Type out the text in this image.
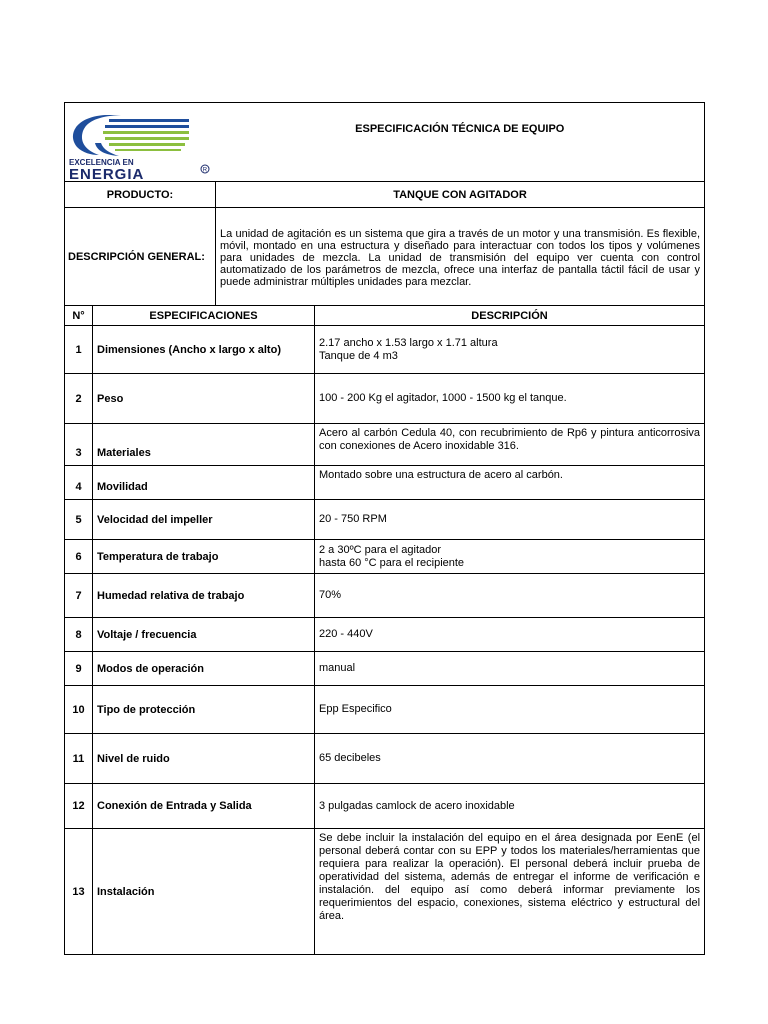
EXCELENCIA EN
ENERGIA R		ESPECIFICACIÓN TÉCNICA DE EQUIPO	
PRODUCTO:		TANQUE CON AGITADOR	
DESCRIPCIÓN GENERAL:		La unidad de agitación es un sistema que gira a través de un motor y una transmisión. Es flexible, móvil, montado en una estructura y diseñado para interactuar con todos los tipos y volúmenes para unidades de mezcla. La unidad de transmisión del equipo ver cuenta con control automatizado de los parámetros de mezcla, ofrece una interfaz de pantalla táctil fácil de usar y puede administrar múltiples unidades para mezclar.	
N°	ESPECIFICACIONES		DESCRIPCIÓN
1	Dimensiones (Ancho x largo x alto)		2.17 ancho x 1.53 largo x 1.71 altura
Tanque de 4 m3

2	Peso		100 - 200 Kg el agitador, 1000 - 1500 kg el tanque.

3	Materiales		Acero al carbón Cedula 40, con recubrimiento de Rp6 y pintura anticorrosiva con conexiones de Acero inoxidable 316.

4	Movilidad		Montado sobre una estructura de acero al carbón.

5	Velocidad del impeller		20 - 750 RPM

6	Temperatura de trabajo		2 a 30ºC para el agitador
hasta 60 °C para el recipiente

7	Humedad relativa de trabajo		70%

8	Voltaje / frecuencia		220 - 440V

9	Modos de operación		manual

10	Tipo de protección		Epp Especifico

11	Nivel de ruido		65 decibeles

12	Conexión de Entrada y Salida		3 pulgadas camlock de acero inoxidable

13	Instalación		Se debe incluir la instalación del equipo en el área designada por EenE (el personal deberá contar con su EPP y todos los materiales/herramientas que requiera para realizar la operación). El personal deberá incluir prueba de operatividad del sistema, además de entregar el informe de verificación e instalación. del equipo así como deberá informar previamente los requerimientos del espacio, conexiones, sistema eléctrico y estructural del área.
